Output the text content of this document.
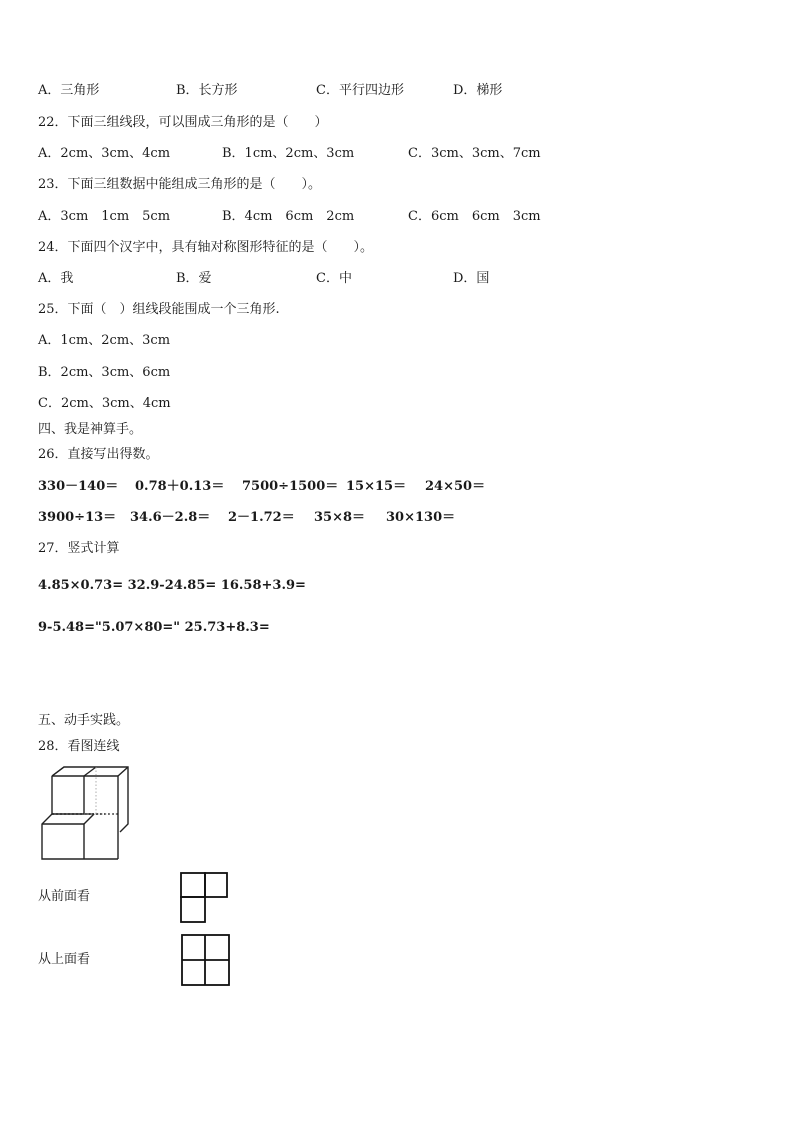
A．三角形	B．长方形	C．平行四边形	D．梯形
22．下面三组线段，可以围成三角形的是（　　）
A．2cm、3cm、4cm	B．1cm、2cm、3cm	C．3cm、3cm、7cm
23．下面三组数据中能组成三角形的是（　　）。
A．3cm　1cm　5cm	B．4cm　6cm　2cm	C．6cm　6cm　3cm
24．下面四个汉字中，具有轴对称图形特征的是（　　）。
A．我	B．爱	C．中	D．国
25．下面（　）组线段能围成一个三角形.
A．1cm、2cm、3cm
B．2cm、3cm、6cm
C．2cm、3cm、4cm
四、我是神算手。
26．直接写出得数。
330－140＝ 0.78＋0.13＝ 7500÷1500＝ 15×15＝ 24×50＝
3900÷13＝ 34.6－2.8＝ 2－1.72＝ 35×8＝ 30×130＝
27．竖式计算
4.85×0.73= 32.9-24.85= 16.58+3.9=
9-5.48="5.07×80=" 25.73+8.3=
五、动手实践。
28．看图连线
从前面看
从上面看
